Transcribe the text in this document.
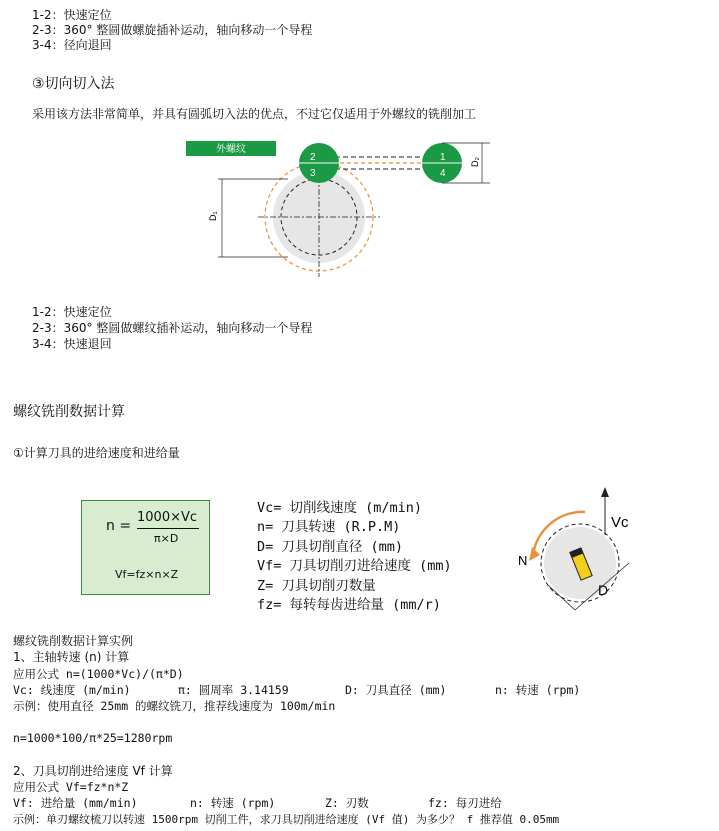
1-2：快速定位
2-3：360° 整圆做螺旋插补运动，轴向移动一个导程
3-4：径向退回
③切向切入法
采用该方法非常简单，并具有圆弧切入法的优点，不过它仅适用于外螺纹的铣削加工
外螺纹
2
3
1
4
D₁
D₂
1-2：快速定位
2-3：360° 整圆做螺纹插补运动，轴向移动一个导程
3-4：快速退回
螺纹铣削数据计算
①计算刀具的进给速度和进给量
n =
1000×Vc
π×D
Vf=fz×n×Z
Vc= 切削线速度 (m/min)
n= 刀具转速 (R.P.M)
D= 刀具切削直径 (mm)
Vf= 刀具切削刃进给速度 (mm)
Z= 刀具切削刃数量
fz= 每转每齿进给量 (mm/r)
Vc
N
D
螺纹铣削数据计算实例
1、主轴转速 (n) 计算
应用公式 n=(1000*Vc)/(π*D)
Vc: 线速度 (m/min)	π: 圆周率 3.14159	D: 刀具直径 (mm)	n: 转速 (rpm)
示例：使用直径 25mm 的螺纹铣刀，推荐线速度为 100m/min
n=1000*100/π*25=1280rpm
2、刀具切削进给速度 Vf 计算
应用公式 Vf=fz*n*Z
Vf: 进给量 (mm/min)	n: 转速 (rpm)	Z: 刃数	fz: 每刃进给
示例：单刃螺纹梳刀以转速 1500rpm 切削工件，求刀具切削进给速度 (Vf 值) 为多少？ f 推荐值 0.05mm
